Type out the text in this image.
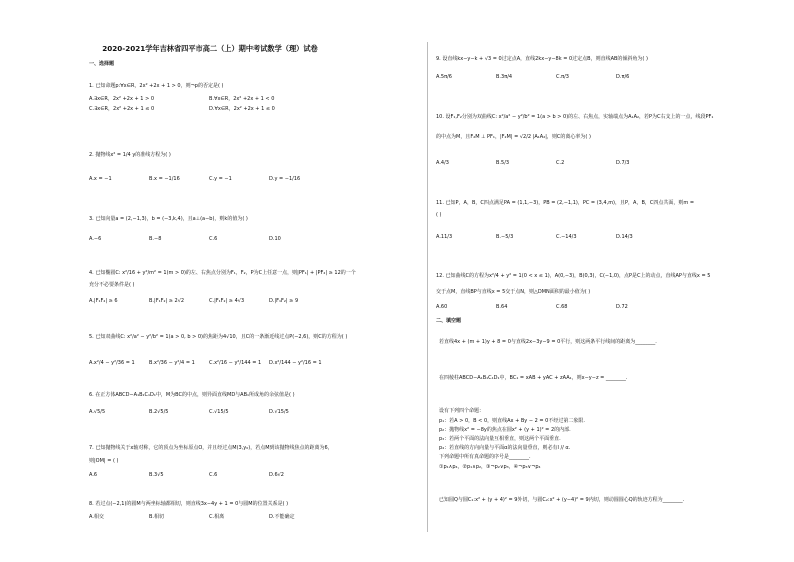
2020-2021学年吉林省四平市高二（上）期中考试数学（理）试卷
一、选择题
1. 已知命题p:∀x∈R，2x² +2x + 1 > 0，则¬p的否定是( )
A.∃x∈R，2x² +2x + 1 > 0	B.∀x∈R，2x² +2x + 1 < 0
C.∃x∈R，2x² +2x + 1 ≤ 0	D.∀x∈R，2x² +2x + 1 ≤ 0
2. 抛物线x² = 1/4 y的准线方程为( )
A.x = −1	B.x = −1/16	C.y = −1	D.y = −1/16
3. 已知向量a = (2,−1,3)，b = (−3,k,4)，且a⊥(a−b)，则k的值为( )
A.−6	B.−8	C.6	D.10
4. 已知椭圆C: x²/16 + y²/m² = 1(m > 0)的左、右焦点分别为F₁，F₂，P为C上任意一点，则|PF₁| + |PF₂| ≥ 12的一个
充分不必要条件是( )
A.|F₁F₂| ≥ 6	B.|F₁F₂| ≥ 2√2	C.|F₁F₂| ≥ 4√3	D.|F₁F₂| ≥ 9
5. 已知双曲线C: x²/a² − y²/b² = 1(a > 0, b > 0)的焦距为4√10，且C的一条渐近线过点P(−2,6)，则C的方程为( )
A.x²/4 − y²/36 = 1	B.x²/36 − y²/4 = 1	C.x²/16 − y²/144 = 1	D.x²/144 − y²/16 = 1
6. 在正方体ABCD−A₁B₁C₁D₁中，M为BC的中点，则异面直线MD与AB₁所成角的余弦值是( )
A.√5/5	B.2√5/5	C.√15/5	D.√15/5
7. 已知抛物线关于x轴对称，它的顶点为坐标原点O，并且经过点M(3,y₀)，若点M到该抛物线焦点的距离为6，
则|OM| = ( )
A.6	B.3√5	C.6	D.6√2
8. 若过点(−2,1)的圆M与两坐标轴都相切，则直线3x−4y + 1 = 0与圆M的位置关系是( )
A.相交	B.相切	C.相离	D.不能确定
9. 设直线kx−y−k + √3 = 0过定点A，直线2kx−y−8k = 0过定点B，则直线AB的倾斜角为( )
A.5π/6	B.3π/4	C.π/3	D.π/6
10. 设F₁,F₂分别为双曲线C: x²/a² − y²/b² = 1(a > b > 0)的左、右焦点，实轴端点为A₁A₂，若P为C右支上的一点，线段PF₁
的中点为M，且F₂M ⊥ PF₁，|F₂M| = √2/2 |A₁A₂|，则C的离心率为( )
A.4/3	B.5/3	C.2	D.7/3
11. 已知P，A，B，C四点满足PA = (1,1,−3)，PB = (2,−1,1)，PC = (3,4,m)，且P，A，B，C四点共面，则m =
( )
A.11/3	B.−5/3	C.−14/3	D.14/3
12. 已知曲线C的方程为x²/4 + y² = 1(0 < x ≤ 1)，A(0,−3)，B(0,3)，C(−1,0)，点P是C上的动点，直线AP与直线x = 5
交于点M，直线BP与直线x = 5交于点N，则△DMN面积的最小值为( )
A.60	B.64	C.68	D.72
二、填空题
若直线4x + (m + 1)y + 8 = 0与直线2x−3y−9 = 0平行，则这两条平行线间的距离为________.
在四棱柱ABCD−A₁B₁C₁D₁中，BC₁ = xAB + yAC + zAA₁，则x−y−z = ________.
设有下列四个命题：
p₁：若A > 0，B < 0，则直线Ax + By − 2 = 0不经过第二象限.
p₂：抛物线x² = −8y的焦点在圆x² + (y + 1)² = 2的内部.
p₃：若两个平面的法向量互相垂直，则这两个平面垂直.
p₄：若直线的方向向量与平面α的法向量垂直，则必有l // α.
下列命题中所有真命题的序号是________.
①p₁∧p₄，②p₁∧p₂，③¬p₂∨p₃，④¬p₃∨¬p₄
已知圆Q与圆C₁:x² + (y + 4)² = 9外切，与圆C₂:x² + (y−4)² = 9内切，则动圆圆心Q的轨迹方程为________.
